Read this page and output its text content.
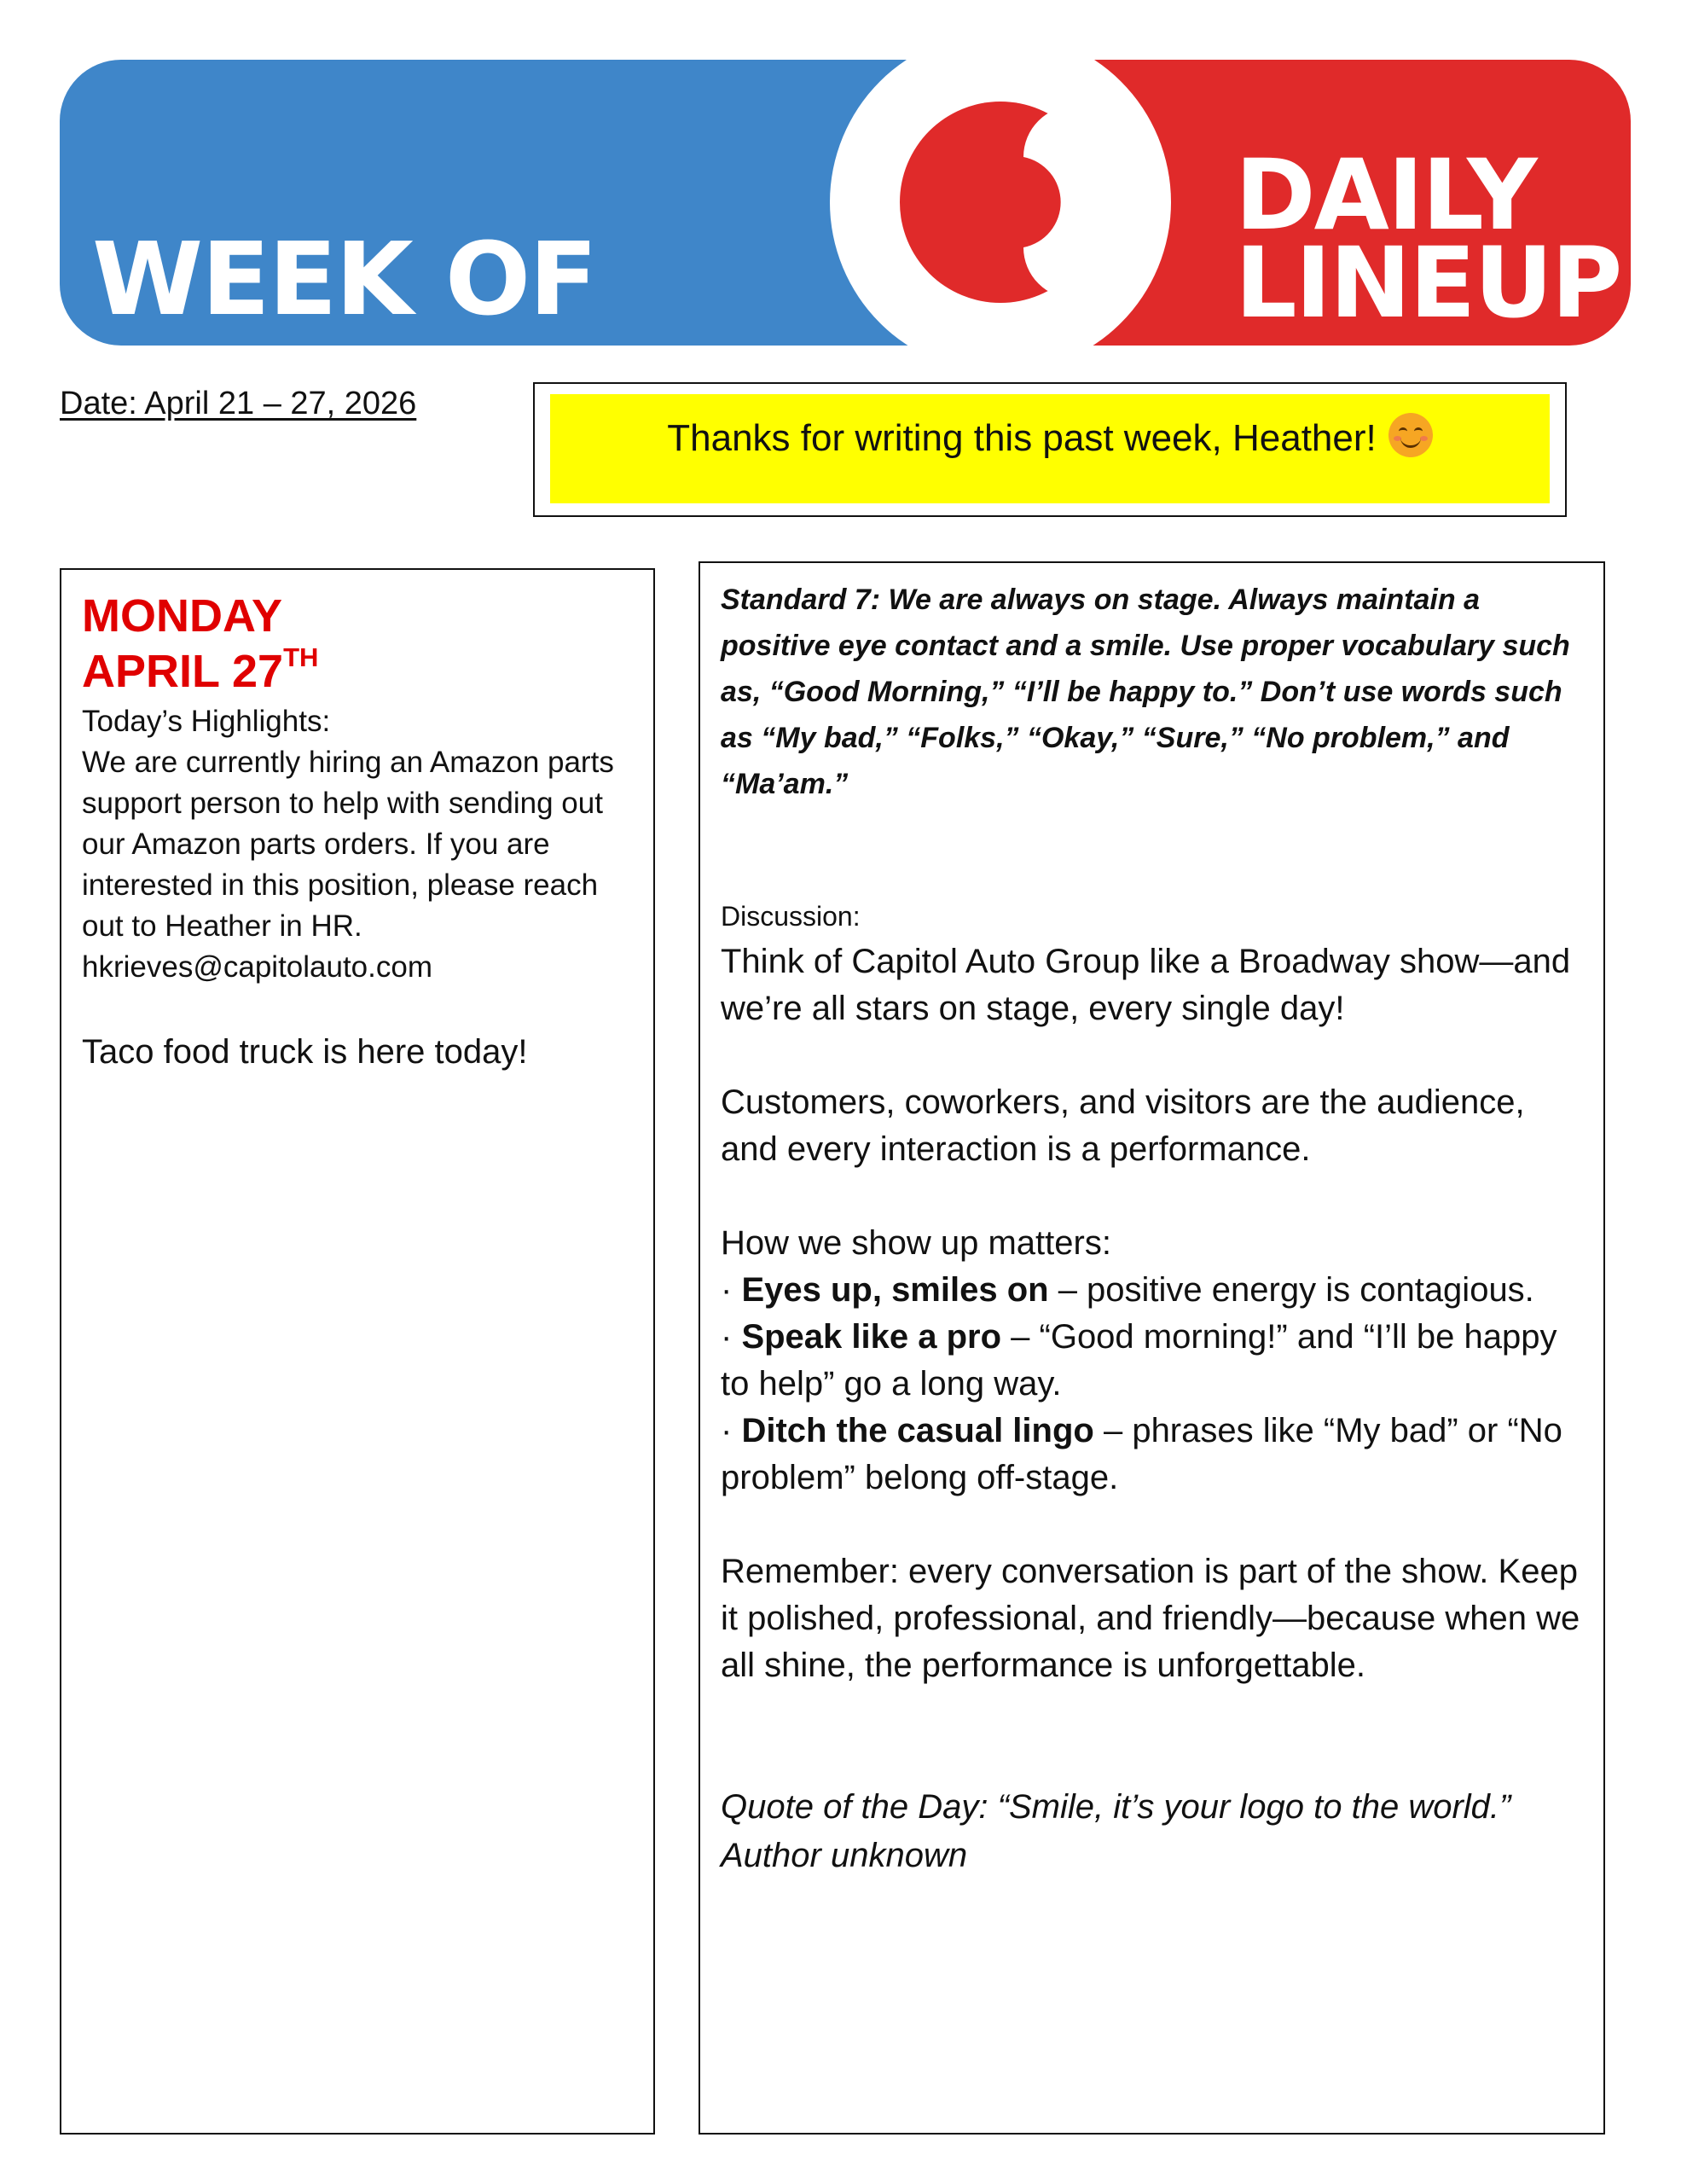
WEEK OF
DAILY
LINEUP
Date: April 21 – 27, 2026
Thanks for writing this past week, Heather!
MONDAY
APRIL 27TH
Today’s Highlights:
We are currently hiring an Amazon parts support person to help with sending out our Amazon parts orders. If you are interested in this position, please reach out to Heather in HR.
hkrieves@capitolauto.com
Taco food truck is here today!
Standard 7: We are always on stage. Always maintain a positive eye contact and a smile. Use proper vocabulary such as, “Good Morning,” “I’ll be happy to.” Don’t use words such as “My bad,” “Folks,” “Okay,” “Sure,” “No problem,” and “Ma’am.”
Discussion:
Think of Capitol Auto Group like a Broadway show—and we’re all stars on stage, every single day!
Customers, coworkers, and visitors are the audience, and every interaction is a performance.
How we show up matters:
· Eyes up, smiles on – positive energy is contagious.
· Speak like a pro – “Good morning!” and “I’ll be happy to help” go a long way.
· Ditch the casual lingo – phrases like “My bad” or “No problem” belong off-stage.
Remember: every conversation is part of the show. Keep it polished, professional, and friendly—because when we all shine, the performance is unforgettable.
Quote of the Day: “Smile, it’s your logo to the world.”
Author unknown
